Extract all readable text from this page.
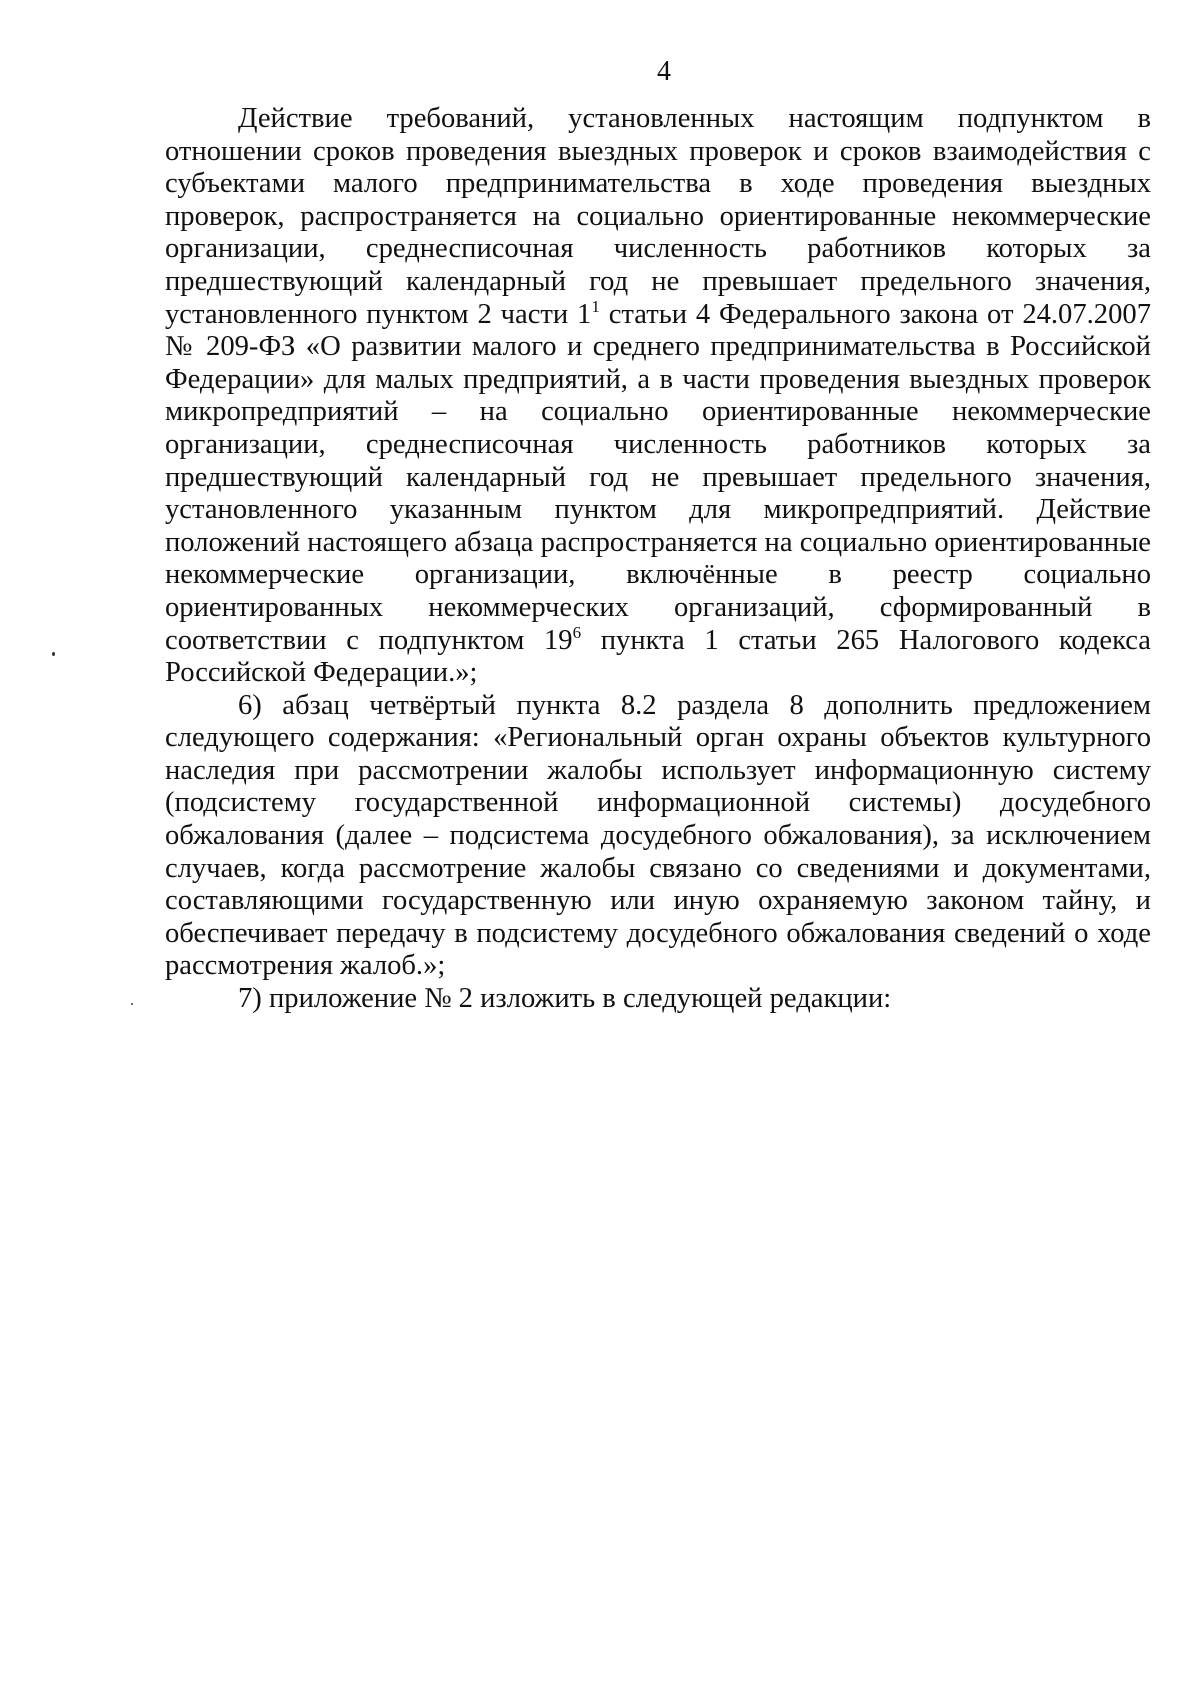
4

Действие требований, установленных настоящим подпунктом в отношении сроков проведения выездных проверок и сроков взаимодействия с субъектами малого предпринимательства в ходе проведения выездных проверок, распространяется на социально ориентированные некоммерческие организации, среднесписочная численность работников которых за предшествующий календарный год не превышает предельного значения, установленного пунктом 2 части $1^1$ статьи 4 Федерального закона от 24.07.2007 № 209-ФЗ «О развитии малого и среднего предпринимательства в Российской Федерации» для малых предприятий, а в части проведения выездных проверок микропредприятий – на социально ориентированные некоммерческие организации, среднесписочная численность работников которых за предшествующий календарный год не превышает предельного значения, установленного указанным пунктом для микропредприятий. Действие положений настоящего абзаца распространяется на социально ориентированные некоммерческие организации, включённые в реестр социально ориентированных некоммерческих организаций, сформированный в соответствии с подпунктом $19^6$ пункта 1 статьи 265 Налогового кодекса Российской Федерации.»;

6) абзац четвёртый пункта 8.2 раздела 8 дополнить предложением следующего содержания: «Региональный орган охраны объектов культурного наследия при рассмотрении жалобы использует информационную систему (подсистему государственной информационной системы) досудебного обжалования (далее – подсистема досудебного обжалования), за исключением случаев, когда рассмотрение жалобы связано со сведениями и документами, составляющими государственную или иную охраняемую законом тайну, и обеспечивает передачу в подсистему досудебного обжалования сведений о ходе рассмотрения жалоб.»;

7) приложение № 2 изложить в следующей редакции:
